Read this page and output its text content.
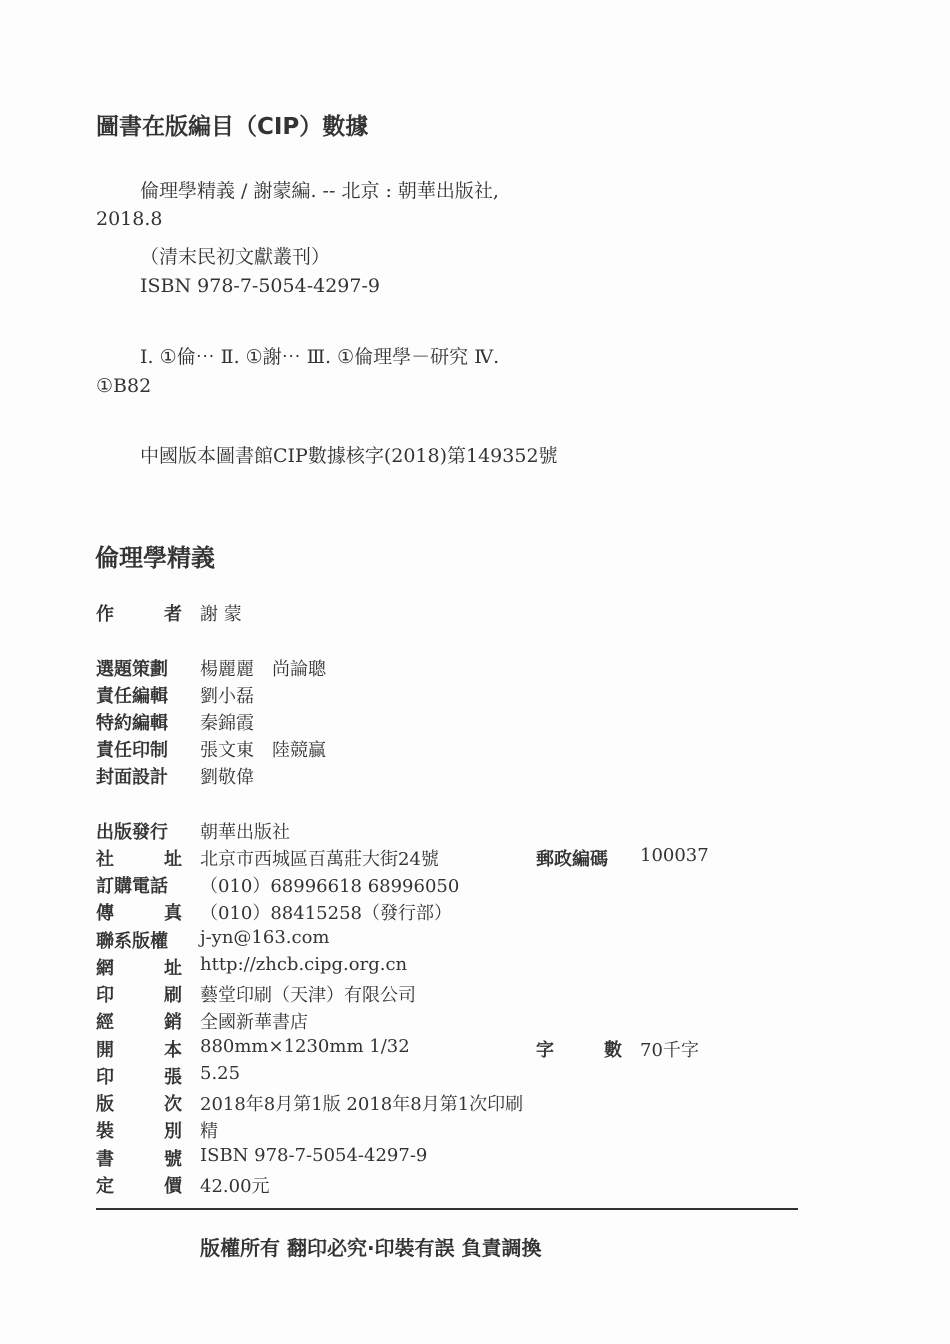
圖書在版編目（CIP）數據
倫理學精義 / 謝蒙編. -- 北京 : 朝華出版社,
2018.8
（清末民初文獻叢刊）
ISBN 978-7-5054-4297-9
Ⅰ. ①倫⋯ Ⅱ. ①謝⋯ Ⅲ. ①倫理學－研究 Ⅳ.
①B82
中國版本圖書館CIP數據核字(2018)第149352號
倫理學精義
作　者 謝 蒙
選題策劃	楊麗麗　尚論聰
責任編輯	劉小磊
特約編輯	秦錦霞
責任印制	張文東　陸競贏
封面設計	劉敬偉
出版發行	朝華出版社
社　址 北京市西城區百萬莊大街24號	郵政編碼	100037
訂購電話	（010）68996618 68996050
傳　真 （010）88415258（發行部）
聯系版權	j-yn@163.com
網　址 http://zhcb.cipg.org.cn
印　刷 藝堂印刷（天津）有限公司
經　銷 全國新華書店
開　本 880mm×1230mm 1/32	字　數 70千字
印　張 5.25
版　次 2018年8月第1版 2018年8月第1次印刷
裝　別 精
書　號 ISBN 978-7-5054-4297-9
定　價 42.00元
版權所有 翻印必究·印裝有誤 負責調換
